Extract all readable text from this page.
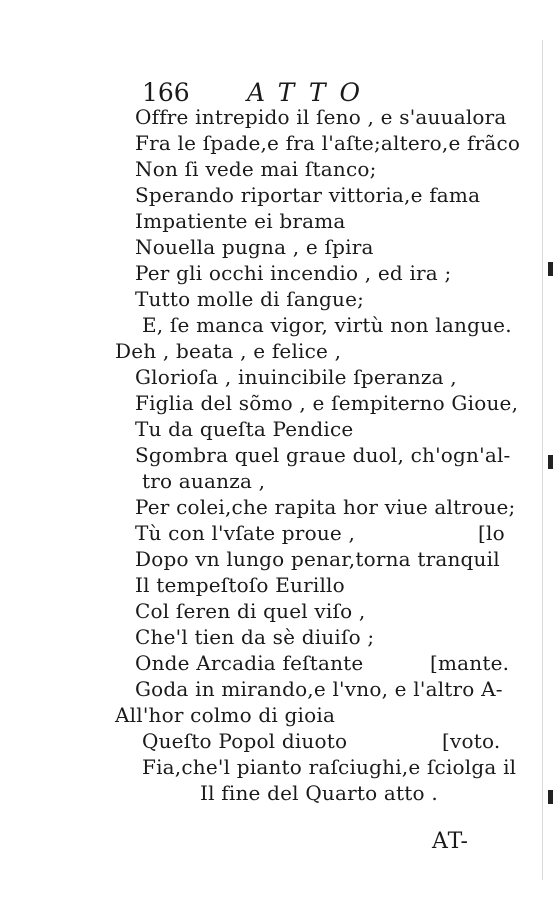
166 ATTO
Offre intrepido il ſeno , e s'auualora
Fra le ſpade,e fra l'aſte;altero,e frãco
Non ſi vede mai ſtanco;
Sperando riportar vittoria,e fama
Impatiente ei brama
Nouella pugna , e ſpira
Per gli occhi incendio , ed ira ;
Tutto molle di ſangue;
E, ſe manca vigor, virtù non langue.
Deh , beata , e felice ,
Glorioſa , inuincibile ſperanza ,
Figlia del sõmo , e ſempiterno Gioue,
Tu da queſta Pendice
Sgombra quel graue duol, ch'ogn'al-
tro auanza ,
Per colei,che rapita hor viue altroue;
Tù con l'vſate proue ,	[lo
Dopo vn lungo penar,torna tranquil
Il tempeſtoſo Eurillo
Col ſeren di quel viſo ,
Che'l tien da sè diuiſo ;
Onde Arcadia feſtante	[mante.
Goda in mirando,e l'vno, e l'altro A-
All'hor colmo di gioia
Queſto Popol diuoto	[voto.
Fia,che'l pianto raſciughi,e ſciolga il
Il fine del Quarto atto .
AT-
